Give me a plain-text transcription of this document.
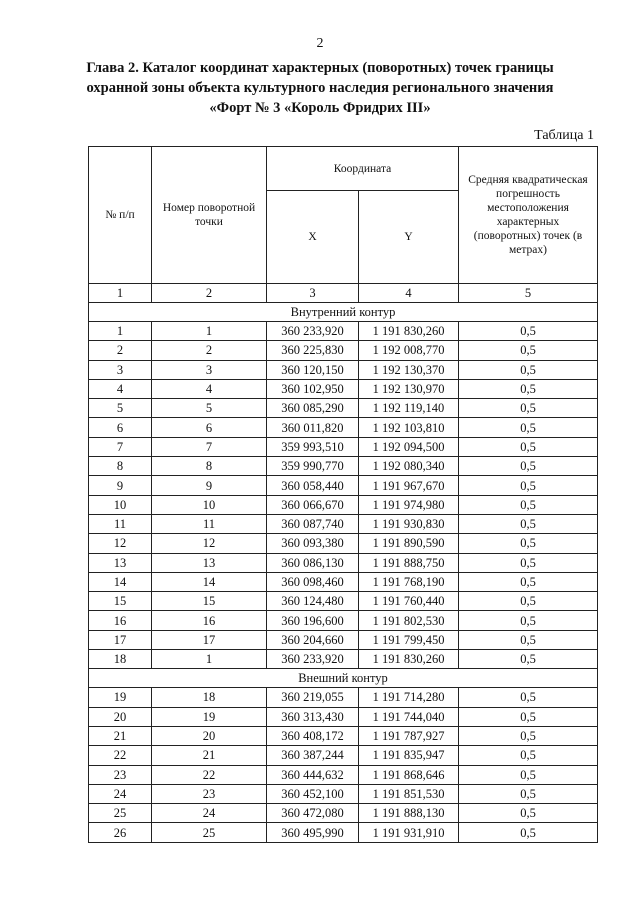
2
Глава 2. Каталог координат характерных (поворотных) точек границы
охранной зоны объекта культурного наследия регионального значения
«Форт № 3 «Король Фридрих III»
Таблица 1
№ п/п	Номер поворотной точки	Координата		Средняя квадратическая погрешность местоположения характерных (поворотных) точек (в метрах)
		X	Y	
1	2	3	4	5
Внутренний контур				
1	1	360 233,920	1 191 830,260	0,5
2	2	360 225,830	1 192 008,770	0,5
3	3	360 120,150	1 192 130,370	0,5
4	4	360 102,950	1 192 130,970	0,5
5	5	360 085,290	1 192 119,140	0,5
6	6	360 011,820	1 192 103,810	0,5
7	7	359 993,510	1 192 094,500	0,5
8	8	359 990,770	1 192 080,340	0,5
9	9	360 058,440	1 191 967,670	0,5
10	10	360 066,670	1 191 974,980	0,5
11	11	360 087,740	1 191 930,830	0,5
12	12	360 093,380	1 191 890,590	0,5
13	13	360 086,130	1 191 888,750	0,5
14	14	360 098,460	1 191 768,190	0,5
15	15	360 124,480	1 191 760,440	0,5
16	16	360 196,600	1 191 802,530	0,5
17	17	360 204,660	1 191 799,450	0,5
18	1	360 233,920	1 191 830,260	0,5
Внешний контур				
19	18	360 219,055	1 191 714,280	0,5
20	19	360 313,430	1 191 744,040	0,5
21	20	360 408,172	1 191 787,927	0,5
22	21	360 387,244	1 191 835,947	0,5
23	22	360 444,632	1 191 868,646	0,5
24	23	360 452,100	1 191 851,530	0,5
25	24	360 472,080	1 191 888,130	0,5
26	25	360 495,990	1 191 931,910	0,5
